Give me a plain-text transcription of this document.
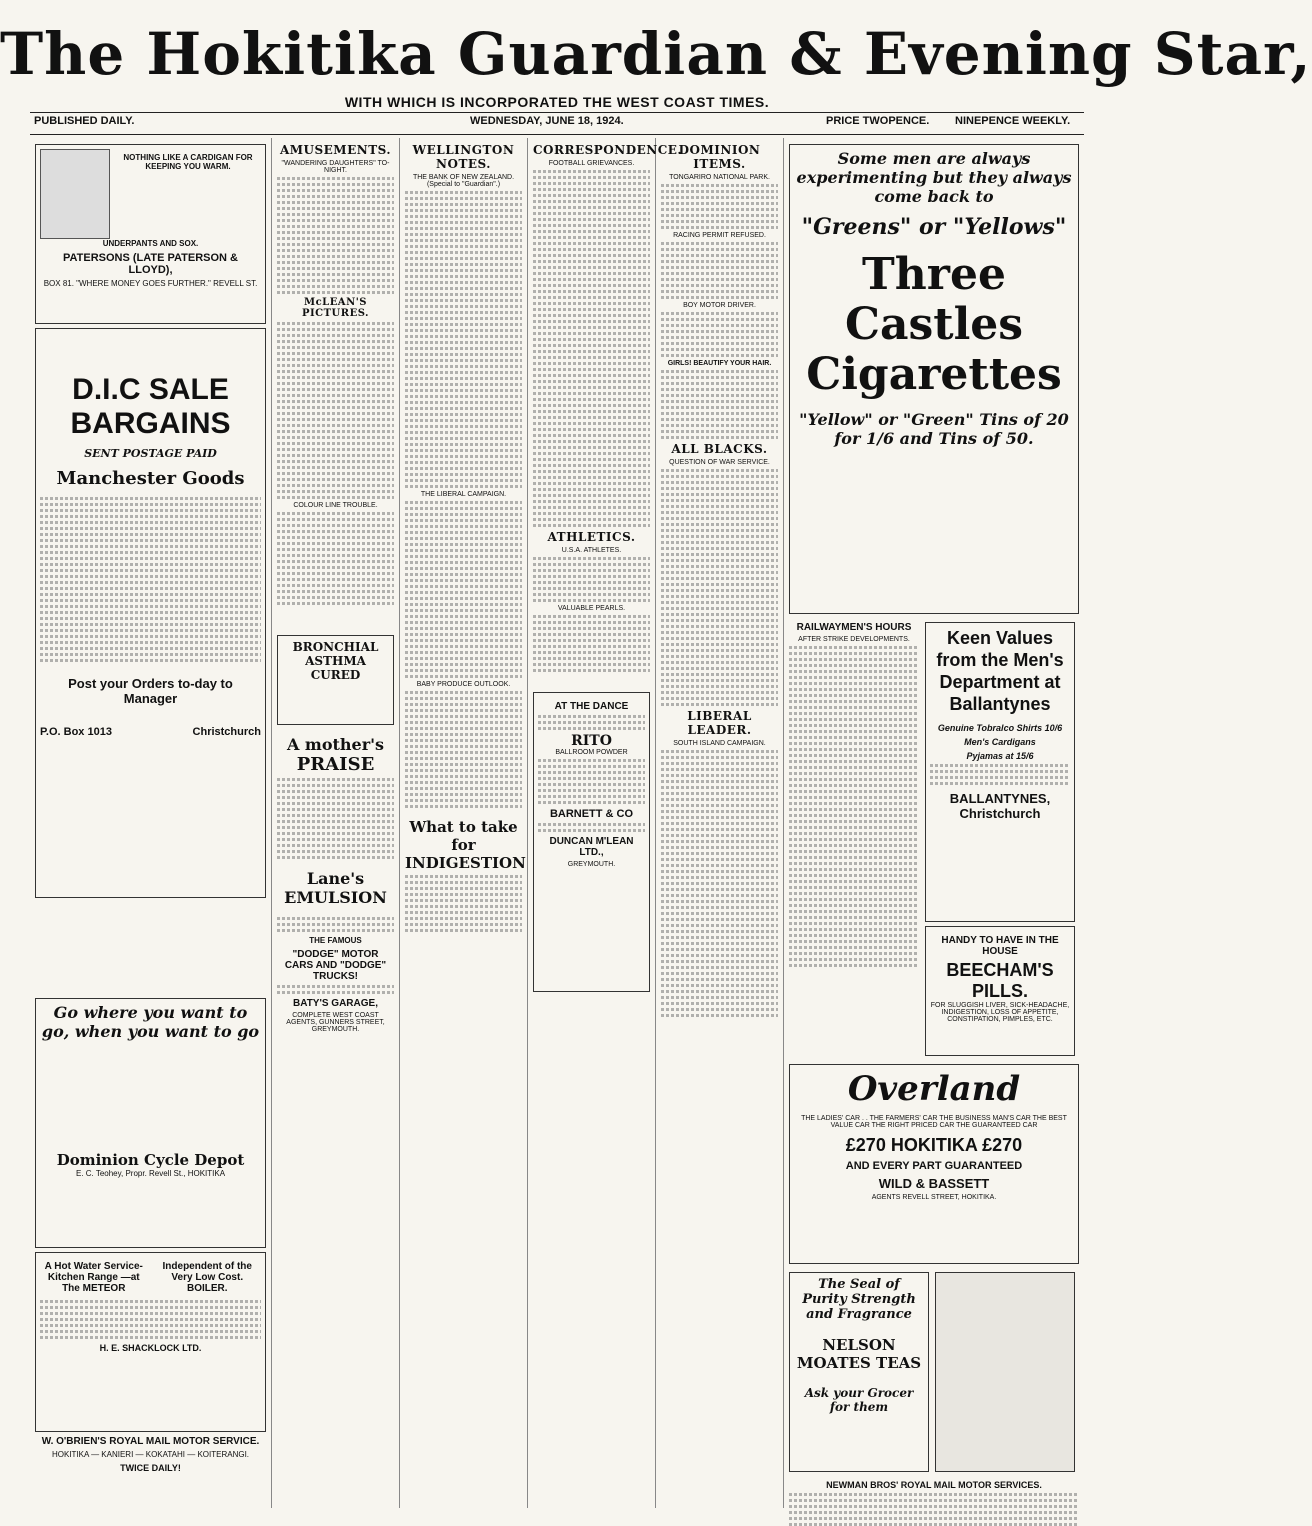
The Hokitika Guardian & Evening Star,
WITH WHICH IS INCORPORATED THE WEST COAST TIMES.
PUBLISHED DAILY.	WEDNESDAY, JUNE 18, 1924.	PRICE TWOPENCE. NINEPENCE WEEKLY.
NOTHING LIKE A CARDIGAN FOR KEEPING YOU WARM.
UNDERPANTS AND SOX.
PATERSONS (LATE PATERSON & LLOYD),
BOX 81. "WHERE MONEY GOES FURTHER." REVELL ST.
D.I.C SALE BARGAINS
SENT POSTAGE PAID
Manchester Goods
Post your Orders to-day to Manager
P.O. Box 1013	Christchurch
Go where you want to go, when you want to go
Dominion Cycle Depot
E. C. Teohey, Propr. Revell St., HOKITIKA
A Hot Water Service- Kitchen Range —at The METEOR
Independent of the Very Low Cost. BOILER.
H. E. SHACKLOCK LTD.
W. O'BRIEN'S ROYAL MAIL MOTOR SERVICE.
HOKITIKA — KANIERI — KOKATAHI — KOITERANGI.
TWICE DAILY!
AMUSEMENTS.
"WANDERING DAUGHTERS" TO-NIGHT.
McLEAN'S PICTURES.
COLOUR LINE TROUBLE.
BRONCHIAL ASTHMA CURED
A mother's
PRAISE
Lane's EMULSION
THE FAMOUS
"DODGE" MOTOR CARS AND "DODGE" TRUCKS!
BATY'S GARAGE,
COMPLETE WEST COAST AGENTS, GUNNERS STREET, GREYMOUTH.
WELLINGTON NOTES.
THE BANK OF NEW ZEALAND.
(Special to "Guardian".)
THE LIBERAL CAMPAIGN.
BABY PRODUCE OUTLOOK.
What to take for INDIGESTION
CORRESPONDENCE.
FOOTBALL GRIEVANCES.
ATHLETICS.
U.S.A. ATHLETES.
VALUABLE PEARLS.
AT THE DANCE
RITO
BALLROOM POWDER
BARNETT & CO
DUNCAN M'LEAN LTD.,
GREYMOUTH.
DOMINION ITEMS.
TONGARIRO NATIONAL PARK.
RACING PERMIT REFUSED.
BOY MOTOR DRIVER.
GIRLS! BEAUTIFY YOUR HAIR.
ALL BLACKS.
QUESTION OF WAR SERVICE.
LIBERAL LEADER.
SOUTH ISLAND CAMPAIGN.
Some men are always experimenting but they always come back to
"Greens" or "Yellows"
Three Castles Cigarettes
"Yellow" or "Green" Tins of 20 for 1/6 and Tins of 50.
RAILWAYMEN'S HOURS
AFTER STRIKE DEVELOPMENTS.	Keen Values from the Men's Department at Ballantynes
Genuine Tobralco Shirts 10/6
Men's Cardigans
Pyjamas at 15/6
BALLANTYNES, Christchurch
HANDY TO HAVE IN THE HOUSE
BEECHAM'S PILLS.
FOR SLUGGISH LIVER, SICK-HEADACHE, INDIGESTION, LOSS OF APPETITE, CONSTIPATION, PIMPLES, ETC.
Overland
THE LADIES' CAR . . THE FARMERS' CAR THE BUSINESS MAN'S CAR THE BEST VALUE CAR THE RIGHT PRICED CAR THE GUARANTEED CAR
£270 HOKITIKA £270
AND EVERY PART GUARANTEED
WILD & BASSETT
AGENTS REVELL STREET, HOKITIKA.
The Seal of Purity Strength and Fragrance
NELSON MOATES TEAS
Ask your Grocer for them
NEWMAN BROS' ROYAL MAIL MOTOR SERVICES.
